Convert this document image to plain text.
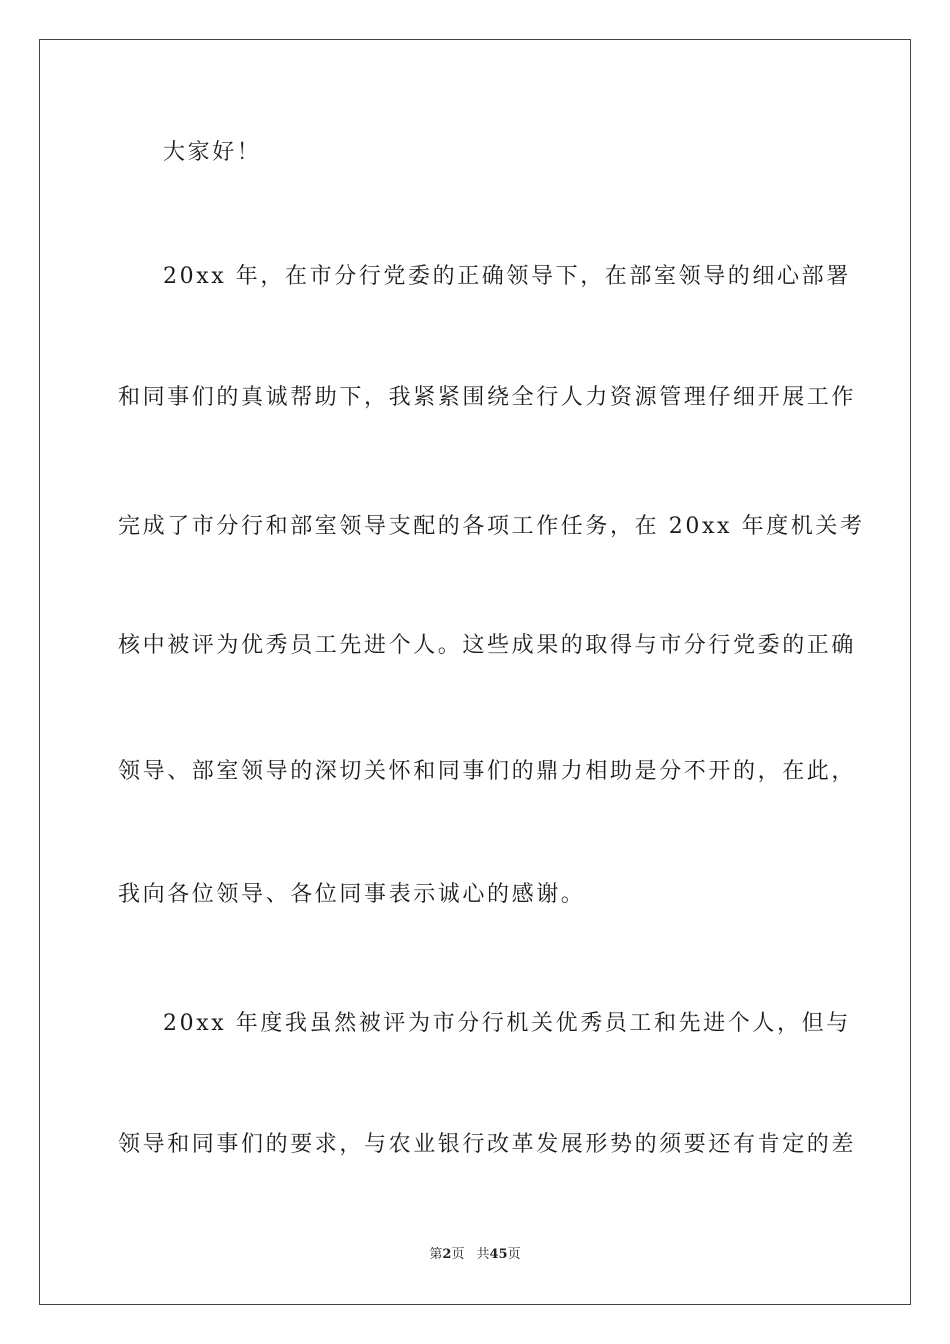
大家好！
20xx 年，在市分行党委的正确领导下，在部室领导的细心部署
和同事们的真诚帮助下，我紧紧围绕全行人力资源管理仔细开展工作
完成了市分行和部室领导支配的各项工作任务，在 20xx 年度机关考
核中被评为优秀员工先进个人。这些成果的取得与市分行党委的正确
领导、部室领导的深切关怀和同事们的鼎力相助是分不开的，在此，
我向各位领导、各位同事表示诚心的感谢。
20xx 年度我虽然被评为市分行机关优秀员工和先进个人，但与
领导和同事们的要求，与农业银行改革发展形势的须要还有肯定的差
第2页 共45页
